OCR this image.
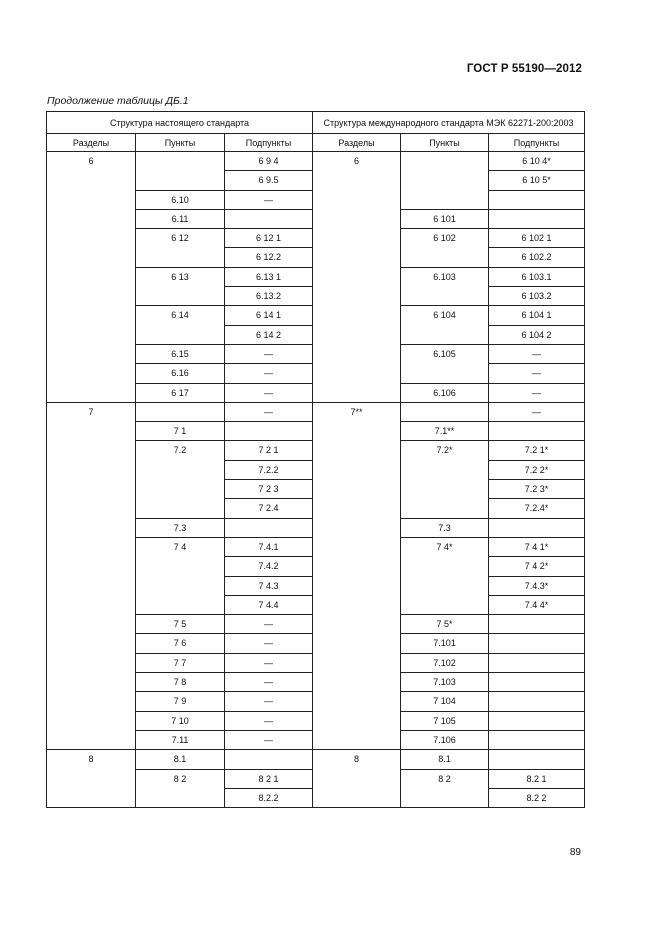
ГОСТ Р 55190—2012
Продолжение таблицы ДБ.1
Структура настоящего стандарта			Структура международного стандарта МЭК 62271-200:2003		
Разделы	Пункты	Подпункты	Разделы	Пункты	Подпункты
6		6 9 4	6		6 10 4*
		6 9.5			6 10 5*
	6.10	—			
	6.11			6 101	
	6 12	6 12 1		6 102	6 102 1
		6 12.2			6 102.2
	6 13	6.13 1		6.103	6 103.1
		6.13.2			6 103.2
	6 14	6 14 1		6 104	6 104 1
		6 14 2			6 104 2
	6.15	—		6.105	—
	6.16	—			—
	6 17	—		6.106	—
7		—	7**		—
	7 1			7.1**	
	7.2	7 2 1		7.2*	7.2 1*
		7.2.2			7.2 2*
		7 2 3			7.2 3*
		7 2.4			7.2.4*
	7.3			7.3	
	7 4	7.4.1		7 4*	7 4 1*
		7.4.2			7 4 2*
		7 4.3			7.4.3*
		7 4.4			7.4 4*
	7 5	—		7 5*	
	7 6	—		7.101	
	7 7	—		7.102	
	7 8	—		7.103	
	7 9	—		7 104	
	7 10	—		7 105	
	7.11	—		7.106	
8	8.1		8	8.1	
	8 2	8 2 1		8 2	8.2 1
		8.2.2			8.2 2
89
